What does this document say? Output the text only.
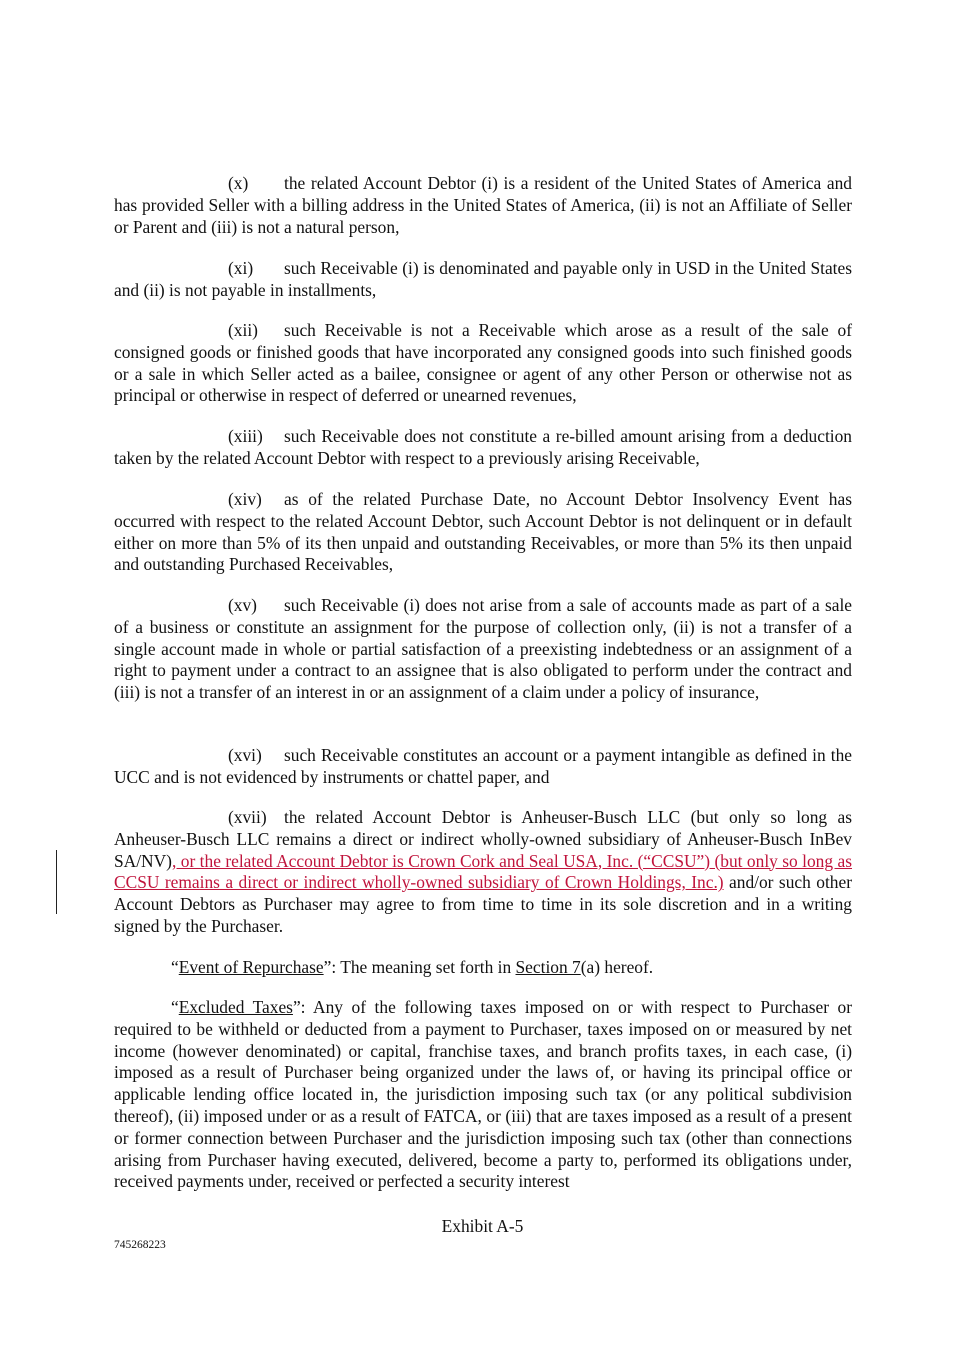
(x) the related Account Debtor (i) is a resident of the United States of America and has provided Seller with a billing address in the United States of America, (ii) is not an Affiliate of Seller or Parent and (iii) is not a natural person,

(xi) such Receivable (i) is denominated and payable only in USD in the United States and (ii) is not payable in installments,

(xii) such Receivable is not a Receivable which arose as a result of the sale of consigned goods or finished goods that have incorporated any consigned goods into such finished goods or a sale in which Seller acted as a bailee, consignee or agent of any other Person or otherwise not as principal or otherwise in respect of deferred or unearned revenues,

(xiii) such Receivable does not constitute a re-billed amount arising from a deduction taken by the related Account Debtor with respect to a previously arising Receivable,

(xiv) as of the related Purchase Date, no Account Debtor Insolvency Event has occurred with respect to the related Account Debtor, such Account Debtor is not delinquent or in default either on more than 5% of its then unpaid and outstanding Receivables, or more than 5% its then unpaid and outstanding Purchased Receivables,

(xv) such Receivable (i) does not arise from a sale of accounts made as part of a sale of a business or constitute an assignment for the purpose of collection only, (ii) is not a transfer of a single account made in whole or partial satisfaction of a preexisting indebtedness or an assignment of a right to payment under a contract to an assignee that is also obligated to perform under the contract and (iii) is not a transfer of an interest in or an assignment of a claim under a policy of insurance,

(xvi) such Receivable constitutes an account or a payment intangible as defined in the UCC and is not evidenced by instruments or chattel paper, and

(xvii) the related Account Debtor is Anheuser-Busch LLC (but only so long as Anheuser-Busch LLC remains a direct or indirect wholly-owned subsidiary of Anheuser-Busch InBev SA/NV), or the related Account Debtor is Crown Cork and Seal USA, Inc. (“CCSU”) (but only so long as CCSU remains a direct or indirect wholly-owned subsidiary of Crown Holdings, Inc.) and/or such other Account Debtors as Purchaser may agree to from time to time in its sole discretion and in a writing signed by the Purchaser.

“Event of Repurchase”: The meaning set forth in Section 7(a) hereof.

“Excluded Taxes”: Any of the following taxes imposed on or with respect to Purchaser or required to be withheld or deducted from a payment to Purchaser, taxes imposed on or measured by net income (however denominated) or capital, franchise taxes, and branch profits taxes, in each case, (i) imposed as a result of Purchaser being organized under the laws of, or having its principal office or applicable lending office located in, the jurisdiction imposing such tax (or any political subdivision thereof), (ii) imposed under or as a result of FATCA, or (iii) that are taxes imposed as a result of a present or former connection between Purchaser and the jurisdiction imposing such tax (other than connections arising from Purchaser having executed, delivered, become a party to, performed its obligations under, received payments under, received or perfected a security interest

Exhibit A-5
745268223
